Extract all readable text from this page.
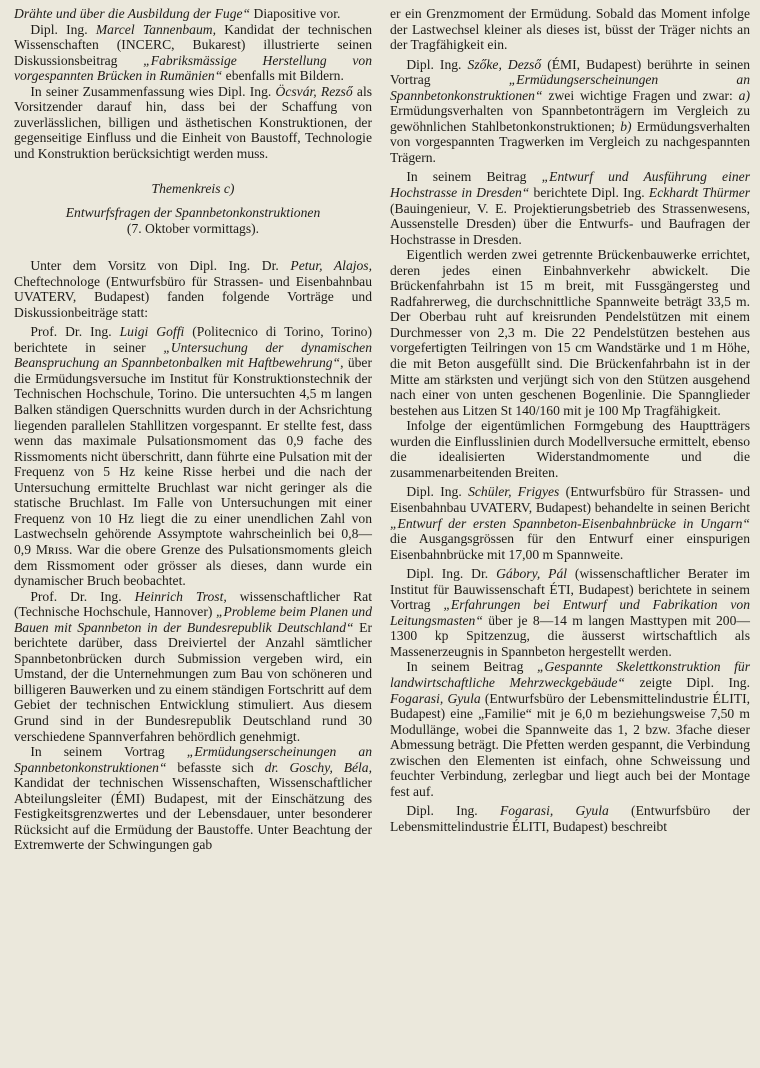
Drähte und über die Ausbildung der Fuge“ Diapositive vor.

Dipl. Ing. Marcel Tannenbaum, Kandidat der technischen Wissenschaften (INCERC, Bukarest) illustrierte seinen Diskussionsbeitrag „Fabriksmässige Herstellung von vorgespannten Brücken in Rumänien“ ebenfalls mit Bildern.

In seiner Zusammenfassung wies Dipl. Ing. Öcsvár, Rezső als Vorsitzender darauf hin, dass bei der Schaffung von zuverlässlichen, billigen und ästhetischen Konstruktionen, der gegenseitige Einfluss und die Einheit von Baustoff, Technologie und Konstruktion berücksichtigt werden muss.

Themenkreis c)

Entwurfsfragen der Spannbetonkonstruktionen

(7. Oktober vormittags).

Unter dem Vorsitz von Dipl. Ing. Dr. Petur, Alajos, Cheftechnologe (Entwurfsbüro für Strassen- und Eisenbahnbau UVATERV, Budapest) fanden folgende Vorträge und Diskussionbeiträge statt:

Prof. Dr. Ing. Luigi Goffi (Politecnico di Torino, Torino) berichtete in seiner „Untersuchung der dynamischen Beanspruchung an Spannbetonbalken mit Haftbewehrung“, über die Ermüdungsversuche im Institut für Konstruktionstechnik der Technischen Hochschule, Torino. Die untersuchten 4,5 m langen Balken ständigen Querschnitts wurden durch in der Achsrichtung liegenden parallelen Stahllitzen vorgespannt. Er stellte fest, dass wenn das maximale Pulsationsmoment das 0,9 fache des Rissmoments nicht überschritt, dann führte eine Pulsation mit der Frequenz von 5 Hz keine Risse herbei und die nach der Untersuchung ermittelte Bruchlast war nicht geringer als die statische Bruchlast. Im Falle von Untersuchungen mit einer Frequenz von 10 Hz liegt die zu einer unendlichen Zahl von Lastwechseln gehörende Assymptote wahrscheinlich bei 0,8—0,9 Mʀɪss. War die obere Grenze des Pulsationsmoments gleich dem Rissmoment oder grösser als dieses, dann wurde ein dynamischer Bruch beobachtet.

Prof. Dr. Ing. Heinrich Trost, wissenschaftlicher Rat (Technische Hochschule, Hannover) „Probleme beim Planen und Bauen mit Spannbeton in der Bundesrepublik Deutschland“ Er berichtete darüber, dass Dreiviertel der Anzahl sämtlicher Spannbetonbrücken durch Submission vergeben wird, ein Umstand, der die Unternehmungen zum Bau von schöneren und billigeren Bauwerken und zu einem ständigen Fortschritt auf dem Gebiet der technischen Entwicklung stimuliert. Aus diesem Grund sind in der Bundesrepublik Deutschland rund 30 verschiedene Spannverfahren behördlich genehmigt.

In seinem Vortrag „Ermüdungserscheinungen an Spannbetonkonstruktionen“ befasste sich dr. Goschy, Béla, Kandidat der technischen Wissenschaften, Wissenschaftlicher Abteilungsleiter (ÉMI) Budapest, mit der Einschätzung des Festigkeitsgrenzwertes und der Lebensdauer, unter besonderer Rücksicht auf die Ermüdung der Baustoffe. Unter Beachtung der Extremwerte der Schwingungen gab

er ein Grenzmoment der Ermüdung. Sobald das Moment infolge der Lastwechsel kleiner als dieses ist, büsst der Träger nichts an der Tragfähigkeit ein.

Dipl. Ing. Szőke, Dezső (ÉMI, Budapest) berührte in seinen Vortrag „Ermüdungserscheinungen an Spannbetonkonstruktionen“ zwei wichtige Fragen und zwar: a) Ermüdungsverhalten von Spannbetonträgern im Vergleich zu gewöhnlichen Stahlbetonkonstruktionen; b) Ermüdungsverhalten von vorgespannten Tragwerken im Vergleich zu nachgespannten Trägern.

In seinem Beitrag „Entwurf und Ausführung einer Hochstrasse in Dresden“ berichtete Dipl. Ing. Eckhardt Thürmer (Bauingenieur, V. E. Projektierungsbetrieb des Strassenwesens, Aussenstelle Dresden) über die Entwurfs- und Baufragen der Hochstrasse in Dresden.

Eigentlich werden zwei getrennte Brückenbauwerke errichtet, deren jedes einen Einbahnverkehr abwickelt. Die Brückenfahrbahn ist 15 m breit, mit Fussgängersteg und Radfahrerweg, die durchschnittliche Spannweite beträgt 33,5 m. Der Oberbau ruht auf kreisrunden Pendelstützen mit einem Durchmesser von 2,3 m. Die 22 Pendelstützen bestehen aus vorgefertigten Teilringen von 15 cm Wandstärke und 1 m Höhe, die mit Beton ausgefüllt sind. Die Brückenfahrbahn ist in der Mitte am stärksten und verjüngt sich von den Stützen ausgehend nach einer von unten geschenen Bogenlinie. Die Spannglieder bestehen aus Litzen St 140/160 mit je 100 Mp Tragfähigkeit.

Infolge der eigentümlichen Formgebung des Hauptträgers wurden die Einflusslinien durch Modellversuche ermittelt, ebenso die idealisierten Widerstandmomente und die zusammenarbeitenden Breiten.

Dipl. Ing. Schüler, Frigyes (Entwurfsbüro für Strassen- und Eisenbahnbau UVATERV, Budapest) behandelte in seinen Bericht „Entwurf der ersten Spannbeton-Eisenbahnbrücke in Ungarn“ die Ausgangsgrössen für den Entwurf einer einspurigen Eisenbahnbrücke mit 17,00 m Spannweite.

Dipl. Ing. Dr. Gábory, Pál (wissenschaftlicher Berater im Institut für Bauwissenschaft ÉTI, Budapest) berichtete in seinem Vortrag „Erfahrungen bei Entwurf und Fabrikation von Leitungsmasten“ über je 8—14 m langen Masttypen mit 200—1300 kp Spitzenzug, die äusserst wirtschaftlich als Massenerzeugnis in Spannbeton hergestellt werden.

In seinem Beitrag „Gespannte Skelettkonstruktion für landwirtschaftliche Mehrzweckgebäude“ zeigte Dipl. Ing. Fogarasi, Gyula (Entwurfsbüro der Lebensmittelindustrie ÉLITI, Budapest) eine „Familie“ mit je 6,0 m beziehungsweise 7,50 m Modullänge, wobei die Spannweite das 1, 2 bzw. 3fache dieser Abmessung beträgt. Die Pfetten werden gespannt, die Verbindung zwischen den Elementen ist einfach, ohne Schweissung und feuchter Verbindung, zerlegbar und liegt auch bei der Montage fest auf.

Dipl. Ing. Fogarasi, Gyula (Entwurfsbüro der Lebensmittelindustrie ÉLITI, Budapest) beschreibt
